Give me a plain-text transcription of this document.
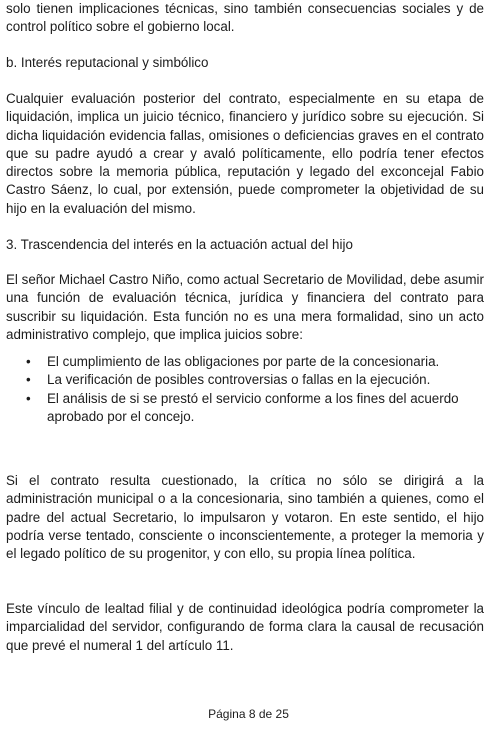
solo tienen implicaciones técnicas, sino también consecuencias sociales y de control político sobre el gobierno local.

b. Interés reputacional y simbólico

Cualquier evaluación posterior del contrato, especialmente en su etapa de liquidación, implica un juicio técnico, financiero y jurídico sobre su ejecución. Si dicha liquidación evidencia fallas, omisiones o deficiencias graves en el contrato que su padre ayudó a crear y avaló políticamente, ello podría tener efectos directos sobre la memoria pública, reputación y legado del exconcejal Fabio Castro Sáenz, lo cual, por extensión, puede comprometer la objetividad de su hijo en la evaluación del mismo.

3. Trascendencia del interés en la actuación actual del hijo

El señor Michael Castro Niño, como actual Secretario de Movilidad, debe asumir una función de evaluación técnica, jurídica y financiera del contrato para suscribir su liquidación. Esta función no es una mera formalidad, sino un acto administrativo complejo, que implica juicios sobre:

• El cumplimiento de las obligaciones por parte de la concesionaria.
• La verificación de posibles controversias o fallas en la ejecución.
• El análisis de si se prestó el servicio conforme a los fines del acuerdo aprobado por el concejo.

Si el contrato resulta cuestionado, la crítica no sólo se dirigirá a la administración municipal o a la concesionaria, sino también a quienes, como el padre del actual Secretario, lo impulsaron y votaron. En este sentido, el hijo podría verse tentado, consciente o inconscientemente, a proteger la memoria y el legado político de su progenitor, y con ello, su propia línea política.

Este vínculo de lealtad filial y de continuidad ideológica podría comprometer la imparcialidad del servidor, configurando de forma clara la causal de recusación que prevé el numeral 1 del artículo 11.

Página 8 de 25
